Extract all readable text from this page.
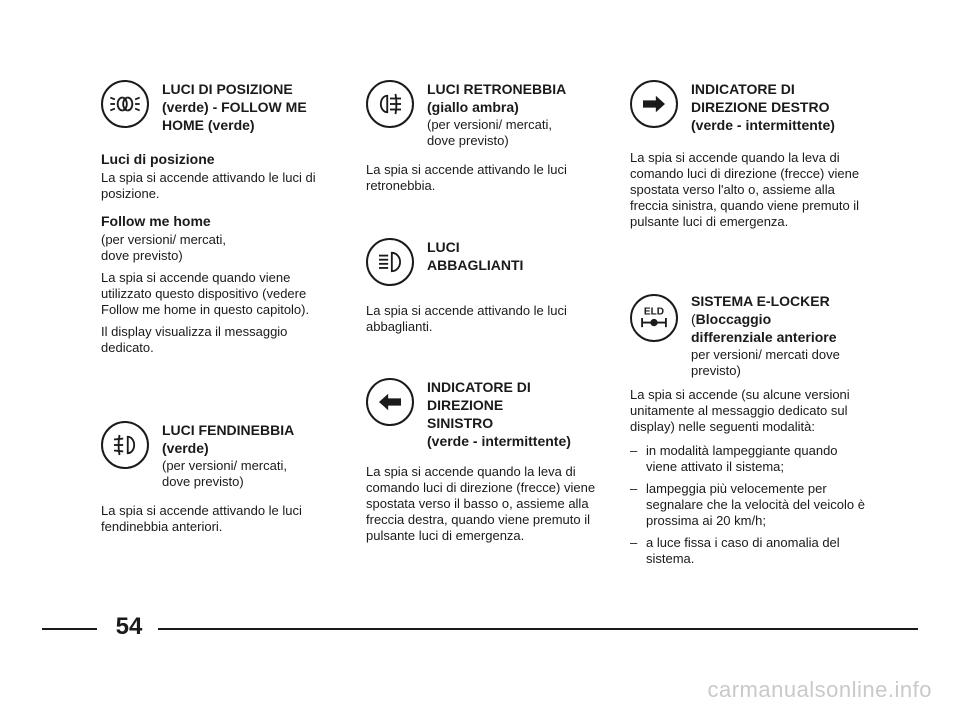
LUCI DI POSIZIONE
(verde) - FOLLOW ME
HOME (verde)
Luci di posizione

La spia si accende attivando le luci di posizione.

Follow me home
(per versioni/ mercati,
dove previsto)

La spia si accende quando viene utilizzato questo dispositivo (vedere Follow me home in questo capitolo).

Il display visualizza il messaggio dedicato.

LUCI FENDINEBBIA
(verde)
(per versioni/ mercati,
dove previsto)

La spia si accende attivando le luci fendinebbia anteriori.

LUCI RETRONEBBIA
(giallo ambra)
(per versioni/ mercati,
dove previsto)

La spia si accende attivando le luci retronebbia.

LUCI
ABBAGLIANTI

La spia si accende attivando le luci abbaglianti.

INDICATORE DI
DIREZIONE
SINISTRO
(verde - intermittente)

La spia si accende quando la leva di comando luci di direzione (frecce) viene spostata verso il basso o, assieme alla freccia destra, quando viene premuto il pulsante luci di emergenza.

INDICATORE DI
DIREZIONE DESTRO
(verde - intermittente)

La spia si accende quando la leva di comando luci di direzione (frecce) viene spostata verso l'alto o, assieme alla freccia sinistra, quando viene premuto il pulsante luci di emergenza.

ELD
SISTEMA E-LOCKER
(Bloccaggio
differenziale anteriore
per versioni/ mercati dove
previsto)

La spia si accende (su alcune versioni unitamente al messaggio dedicato sul display) nelle seguenti modalità:

– in modalità lampeggiante quando viene attivato il sistema;
– lampeggia più velocemente per segnalare che la velocità del veicolo è prossima ai 20 km/h;
– a luce fissa i caso di anomalia del sistema.
54
carmanualsonline.info
